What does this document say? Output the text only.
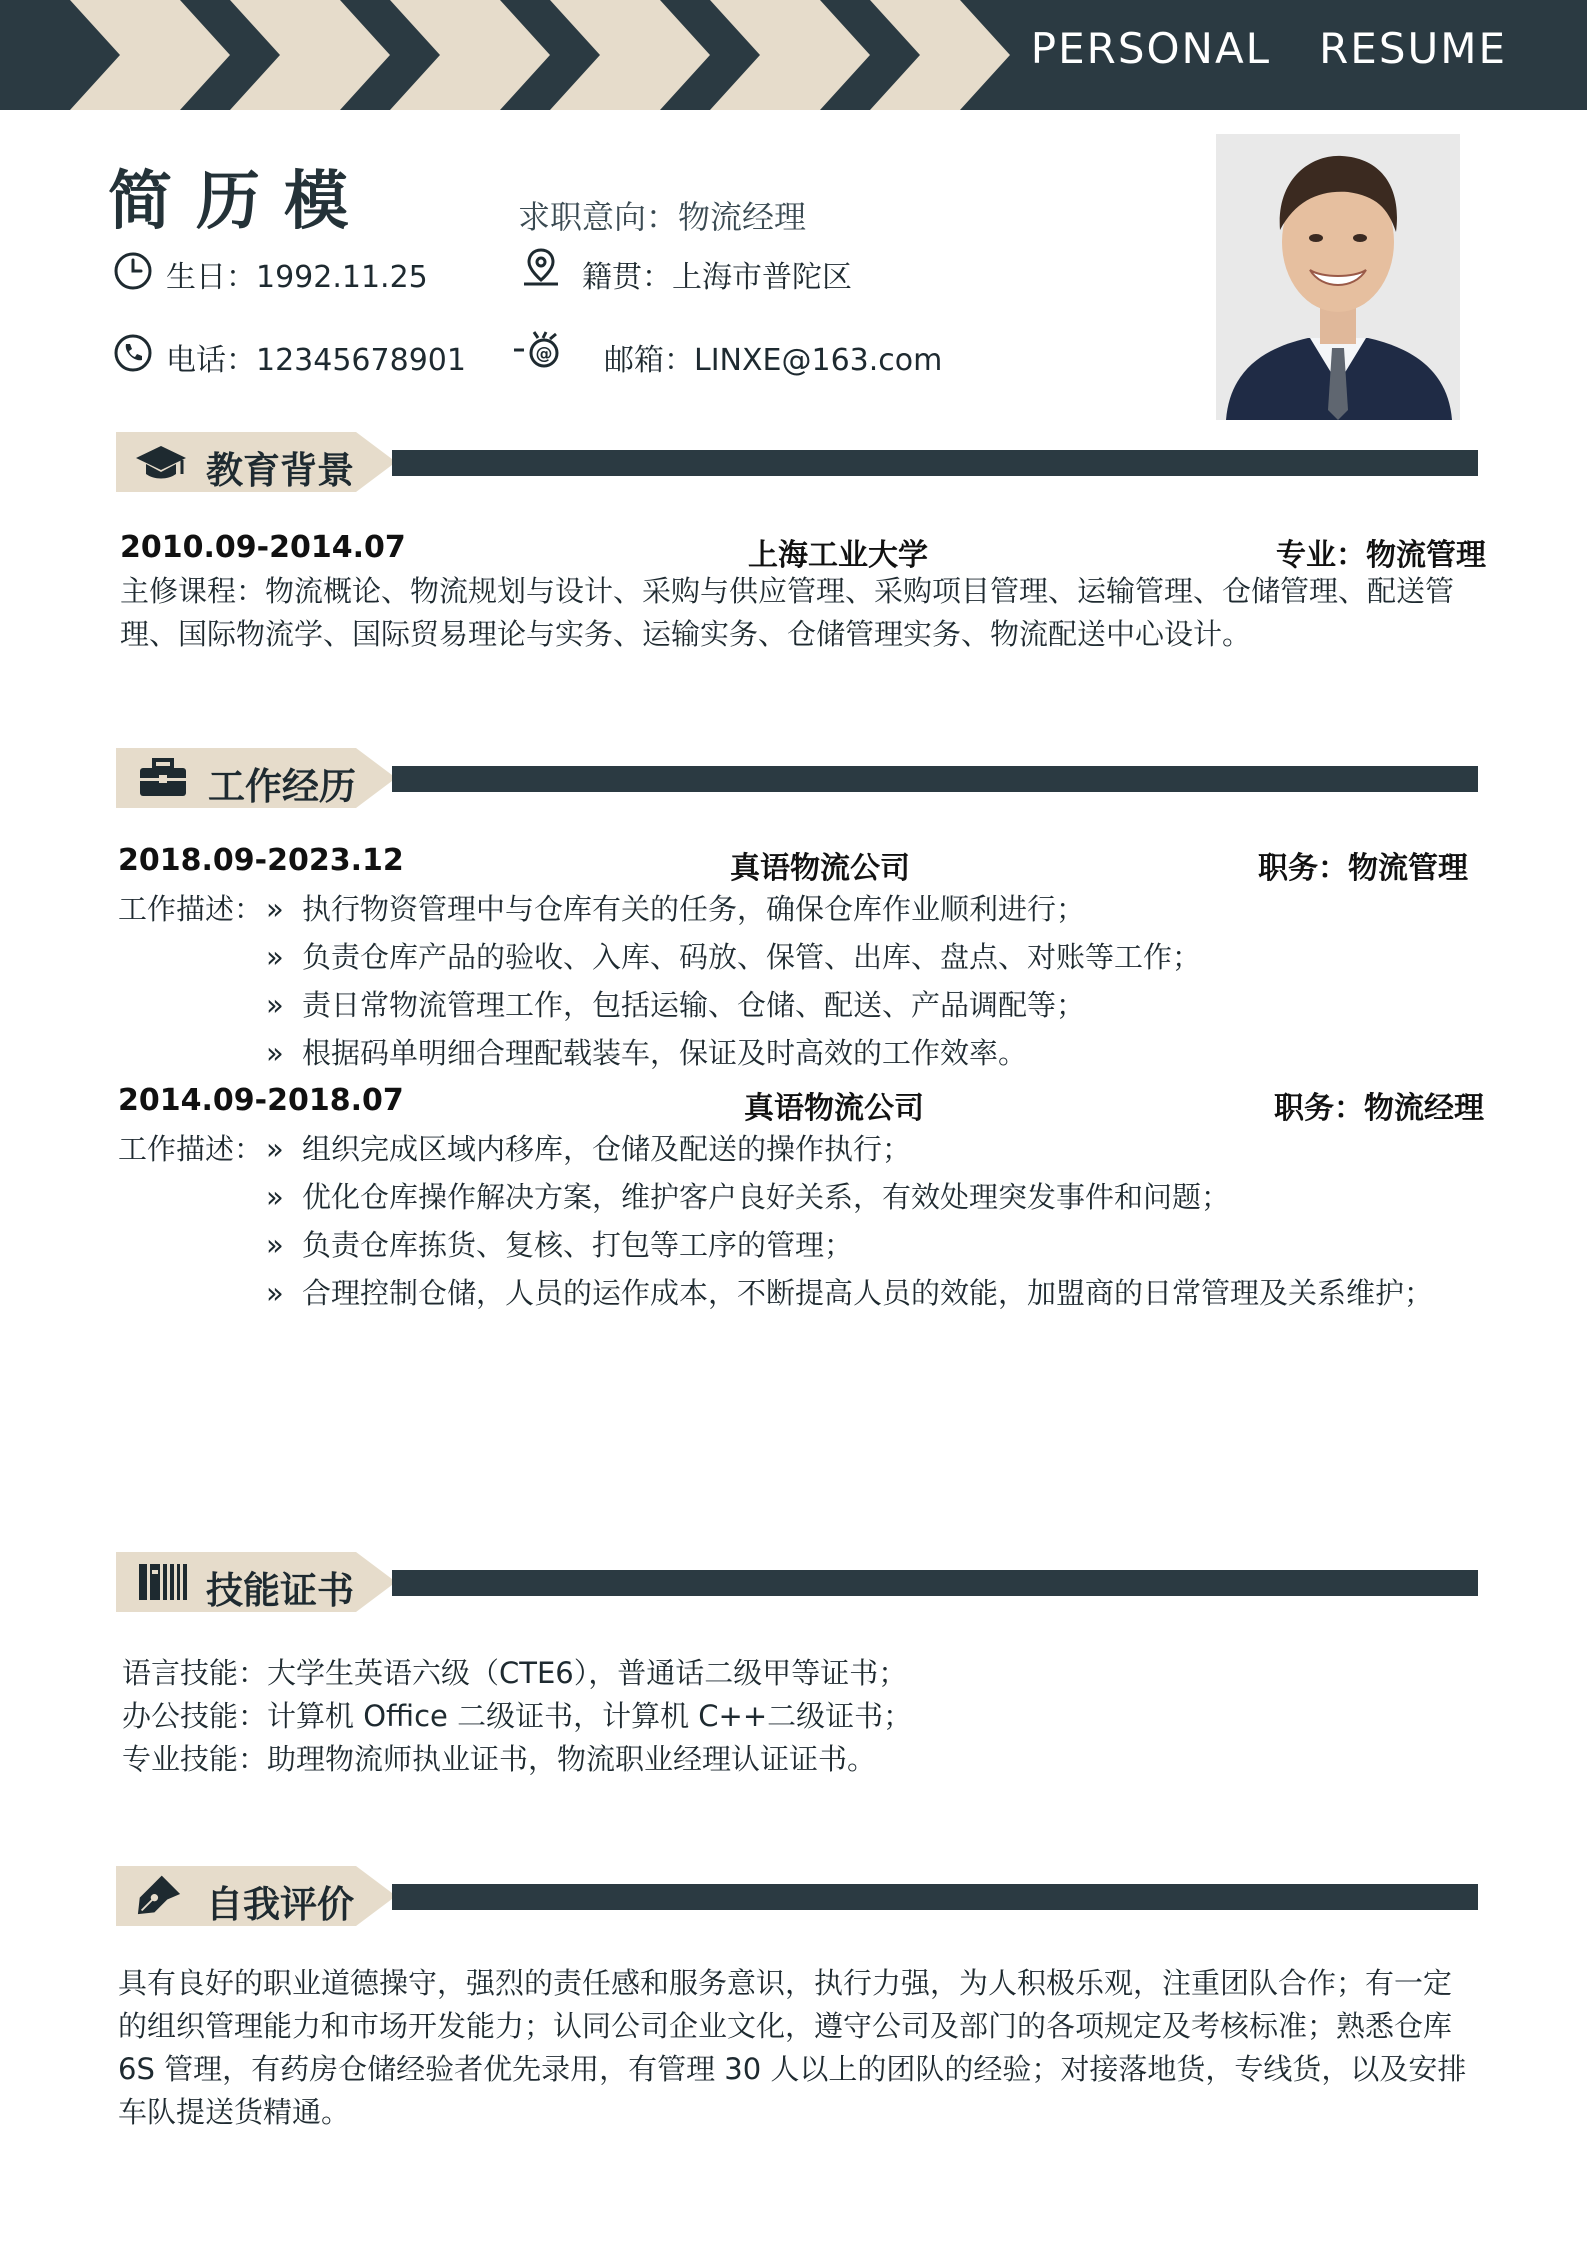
PERSONAL RESUME
简历模	求职意向：物流经理
生日：1992.11.25	籍贯：上海市普陀区
电话：12345678901	@ 邮箱：LINXE@163.com
教育背景
2010.09-2014.07	上海工业大学	专业：物流管理
主修课程：物流概论、物流规划与设计、采购与供应管理、采购项目管理、运输管理、仓储管理、配送管
理、国际物流学、国际贸易理论与实务、运输实务、仓储管理实务、物流配送中心设计。
工作经历
2018.09-2023.12	真语物流公司	职务：物流管理
工作描述： » 执行物资管理中与仓库有关的任务，确保仓库作业顺利进行；
» 负责仓库产品的验收、入库、码放、保管、出库、盘点、对账等工作；
» 责日常物流管理工作，包括运输、仓储、配送、产品调配等；
» 根据码单明细合理配载装车，保证及时高效的工作效率。
2014.09-2018.07	真语物流公司	职务：物流经理
工作描述： » 组织完成区域内移库，仓储及配送的操作执行；
» 优化仓库操作解决方案，维护客户良好关系，有效处理突发事件和问题；
» 负责仓库拣货、复核、打包等工序的管理；
» 合理控制仓储，人员的运作成本，不断提高人员的效能，加盟商的日常管理及关系维护；
技能证书
语言技能：大学生英语六级（CTE6），普通话二级甲等证书；
办公技能：计算机 Office 二级证书，计算机 C++二级证书；
专业技能：助理物流师执业证书，物流职业经理认证证书。
自我评价
具有良好的职业道德操守，强烈的责任感和服务意识，执行力强，为人积极乐观，注重团队合作；有一定
的组织管理能力和市场开发能力；认同公司企业文化，遵守公司及部门的各项规定及考核标准；熟悉仓库
6S 管理，有药房仓储经验者优先录用，有管理 30 人以上的团队的经验；对接落地货，专线货，以及安排
车队提送货精通。
